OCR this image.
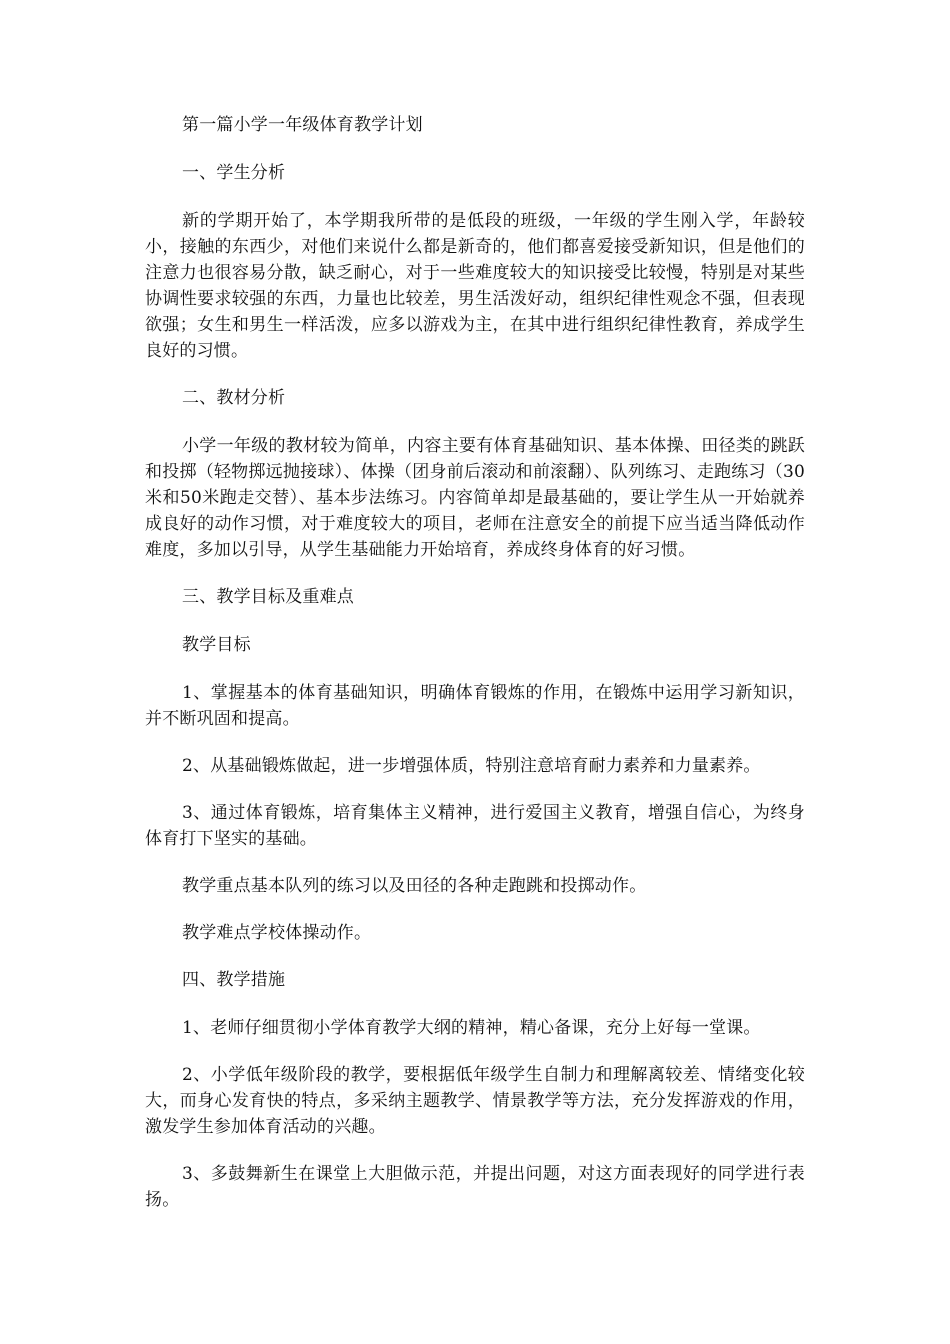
第一篇小学一年级体育教学计划

一、学生分析

新的学期开始了，本学期我所带的是低段的班级，一年级的学生刚入学，年龄较小，接触的东西少，对他们来说什么都是新奇的，他们都喜爱接受新知识，但是他们的注意力也很容易分散，缺乏耐心，对于一些难度较大的知识接受比较慢，特别是对某些协调性要求较强的东西，力量也比较差，男生活泼好动，组织纪律性观念不强，但表现欲强；女生和男生一样活泼，应多以游戏为主，在其中进行组织纪律性教育，养成学生良好的习惯。

二、教材分析

小学一年级的教材较为简单，内容主要有体育基础知识、基本体操、田径类的跳跃和投掷（轻物掷远抛接球）、体操（团身前后滚动和前滚翻）、队列练习、走跑练习（30米和50米跑走交替）、基本步法练习。内容简单却是最基础的，要让学生从一开始就养成良好的动作习惯，对于难度较大的项目，老师在注意安全的前提下应当适当降低动作难度，多加以引导，从学生基础能力开始培育，养成终身体育的好习惯。

三、教学目标及重难点

教学目标

1、掌握基本的体育基础知识，明确体育锻炼的作用，在锻炼中运用学习新知识，并不断巩固和提高。

2、从基础锻炼做起，进一步增强体质，特别注意培育耐力素养和力量素养。

3、通过体育锻炼，培育集体主义精神，进行爱国主义教育，增强自信心，为终身体育打下坚实的基础。

教学重点基本队列的练习以及田径的各种走跑跳和投掷动作。

教学难点学校体操动作。

四、教学措施

1、老师仔细贯彻小学体育教学大纲的精神，精心备课，充分上好每一堂课。

2、小学低年级阶段的教学，要根据低年级学生自制力和理解离较差、情绪变化较大，而身心发育快的特点，多采纳主题教学、情景教学等方法，充分发挥游戏的作用，激发学生参加体育活动的兴趣。

3、多鼓舞新生在课堂上大胆做示范，并提出问题，对这方面表现好的同学进行表扬。
